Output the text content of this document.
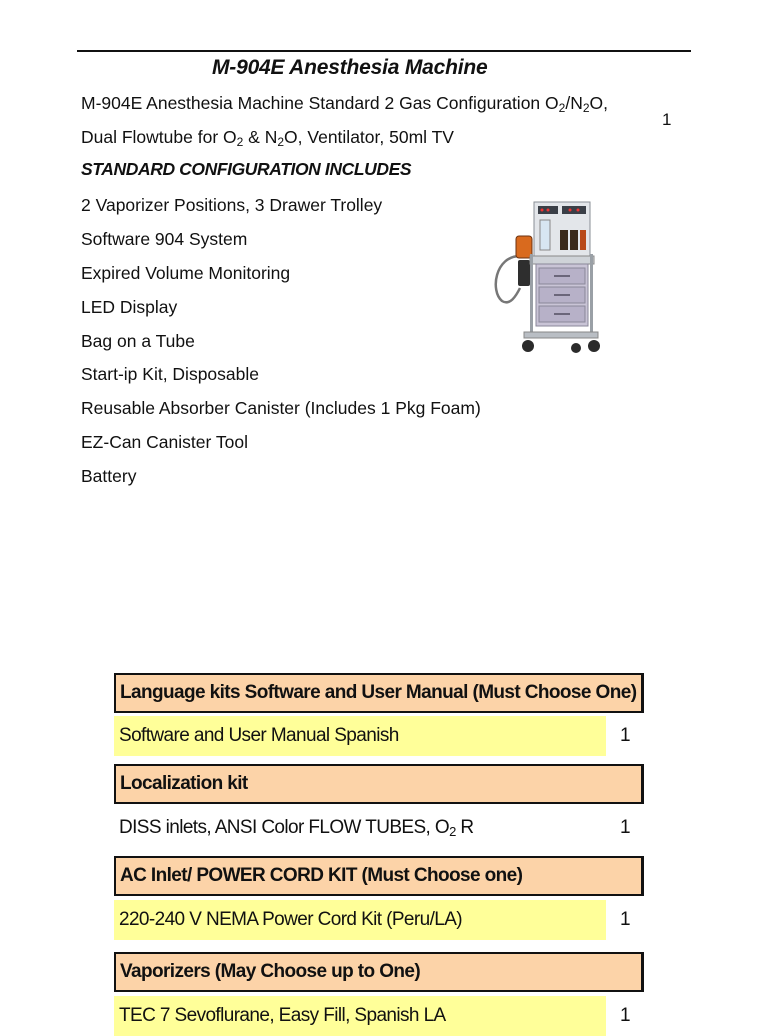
M-904E Anesthesia Machine
M-904E Anesthesia Machine Standard 2 Gas Configuration $O_2/N_2O$,
1
Dual Flowtube for $O_2$ & $N_2O$, Ventilator, 50ml TV
STANDARD CONFIGURATION INCLUDES
2 Vaporizer Positions, 3 Drawer Trolley
Software 904 System
Expired Volume Monitoring
LED Display
Bag on a Tube
Start-ip Kit, Disposable
Reusable Absorber Canister (Includes 1 Pkg Foam)
EZ-Can Canister Tool
Battery
Language kits Software and User Manual (Must Choose One)
Software and User Manual Spanish	1
Localization kit
DISS inlets, ANSI Color FLOW TUBES, $O_2$ R	1
AC Inlet/ POWER CORD KIT (Must Choose one)
220-240 V NEMA Power Cord Kit (Peru/LA)	1
Vaporizers (May Choose up to One)
TEC 7 Sevoflurane, Easy Fill, Spanish LA	1
